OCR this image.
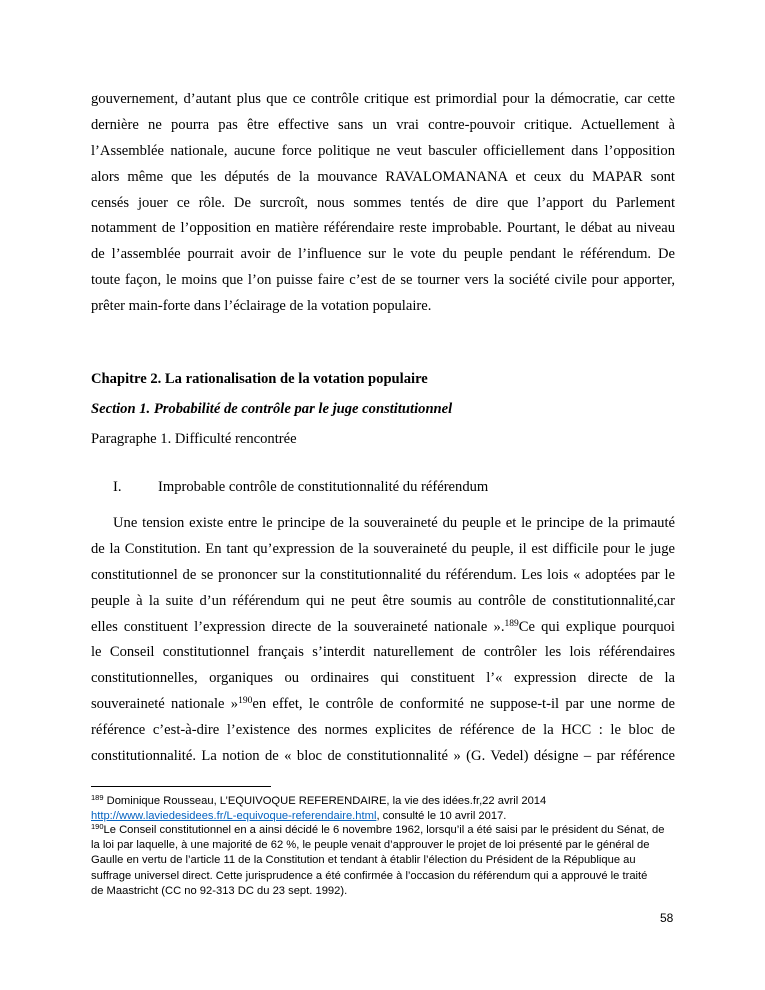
gouvernement, d’autant plus que ce contrôle critique est primordial pour la démocratie, car cette
dernière ne pourra pas être effective sans un vrai contre-pouvoir critique. Actuellement à
l’Assemblée nationale, aucune force politique ne veut basculer officiellement dans l’opposition
alors même que les députés de la mouvance RAVALOMANANA et ceux du MAPAR sont
censés jouer ce rôle. De surcroît, nous sommes tentés de dire que l’apport du Parlement
notamment de l’opposition en matière référendaire reste improbable. Pourtant, le débat au niveau
de l’assemblée pourrait avoir de l’influence sur le vote du peuple pendant le référendum. De
toute façon, le moins que l’on puisse faire c’est de se tourner vers la société civile pour apporter,
prêter main-forte dans l’éclairage de la votation populaire.
Chapitre 2. La rationalisation de la votation populaire
Section 1. Probabilité de contrôle par le juge constitutionnel
Paragraphe 1. Difficulté rencontrée
I. Improbable contrôle de constitutionnalité du référendum
Une tension existe entre le principe de la souveraineté du peuple et le principe de la primauté
de la Constitution. En tant qu’expression de la souveraineté du peuple, il est difficile pour le juge
constitutionnel de se prononcer sur la constitutionnalité du référendum. Les lois « adoptées par le
peuple à la suite d’un référendum qui ne peut être soumis au contrôle de constitutionnalité,car
elles constituent l’expression directe de la souveraineté nationale ».$^{189}$Ce qui explique pourquoi
le Conseil constitutionnel français s’interdit naturellement de contrôler les lois référendaires
constitutionnelles, organiques ou ordinaires qui constituent l’« expression directe de la
souveraineté nationale »$^{190}$en effet, le contrôle de conformité ne suppose-t-il par une norme de
référence c’est-à-dire l’existence des normes explicites de référence de la HCC : le bloc de
constitutionnalité. La notion de « bloc de constitutionnalité » (G. Vedel) désigne – par référence
$^{189}$ Dominique Rousseau, L’EQUIVOQUE REFERENDAIRE, la vie des idées.fr,22 avril 2014
http://www.laviedesidees.fr/L-equivoque-referendaire.html, consulté le 10 avril 2017.
$^{190}$Le Conseil constitutionnel en a ainsi décidé le 6 novembre 1962, lorsqu’il a été saisi par le président du Sénat, de
la loi par laquelle, à une majorité de 62 %, le peuple venait d’approuver le projet de loi présenté par le général de
Gaulle en vertu de l’article 11 de la Constitution et tendant à établir l’élection du Président de la République au
suffrage universel direct. Cette jurisprudence a été confirmée à l’occasion du référendum qui a approuvé le traité
de Maastricht (CC no 92-313 DC du 23 sept. 1992).
58
